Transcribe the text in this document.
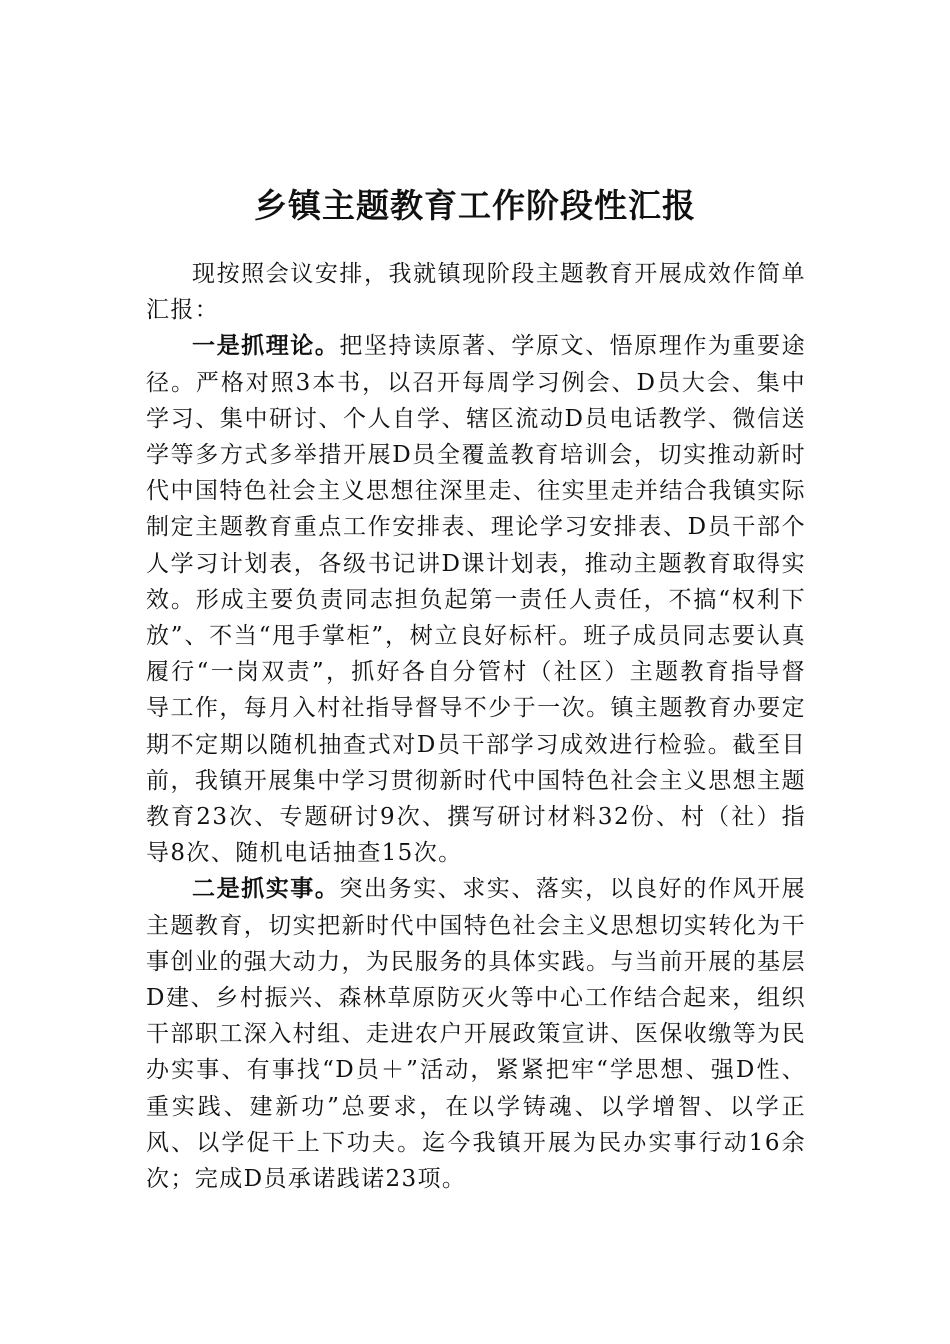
乡镇主题教育工作阶段性汇报

现按照会议安排，我就镇现阶段主题教育开展成效作简单汇报：

一是抓理论。把坚持读原著、学原文、悟原理作为重要途径。严格对照3本书，以召开每周学习例会、D员大会、集中学习、集中研讨、个人自学、辖区流动D员电话教学、微信送学等多方式多举措开展D员全覆盖教育培训会，切实推动新时代中国特色社会主义思想往深里走、往实里走并结合我镇实际制定主题教育重点工作安排表、理论学习安排表、D员干部个人学习计划表，各级书记讲D课计划表，推动主题教育取得实效。形成主要负责同志担负起第一责任人责任，不搞“权利下放”、不当“甩手掌柜”，树立良好标杆。班子成员同志要认真履行“一岗双责”，抓好各自分管村（社区）主题教育指导督导工作，每月入村社指导督导不少于一次。镇主题教育办要定期不定期以随机抽查式对D员干部学习成效进行检验。截至目前，我镇开展集中学习贯彻新时代中国特色社会主义思想主题教育23次、专题研讨9次、撰写研讨材料32份、村（社）指导8次、随机电话抽查15次。

二是抓实事。突出务实、求实、落实，以良好的作风开展主题教育，切实把新时代中国特色社会主义思想切实转化为干事创业的强大动力，为民服务的具体实践。与当前开展的基层D建、乡村振兴、森林草原防灭火等中心工作结合起来，组织干部职工深入村组、走进农户开展政策宣讲、医保收缴等为民办实事、有事找“D员＋”活动，紧紧把牢“学思想、强D性、重实践、建新功”总要求，在以学铸魂、以学增智、以学正风、以学促干上下功夫。迄今我镇开展为民办实事行动16余次；完成D员承诺践诺23项。
